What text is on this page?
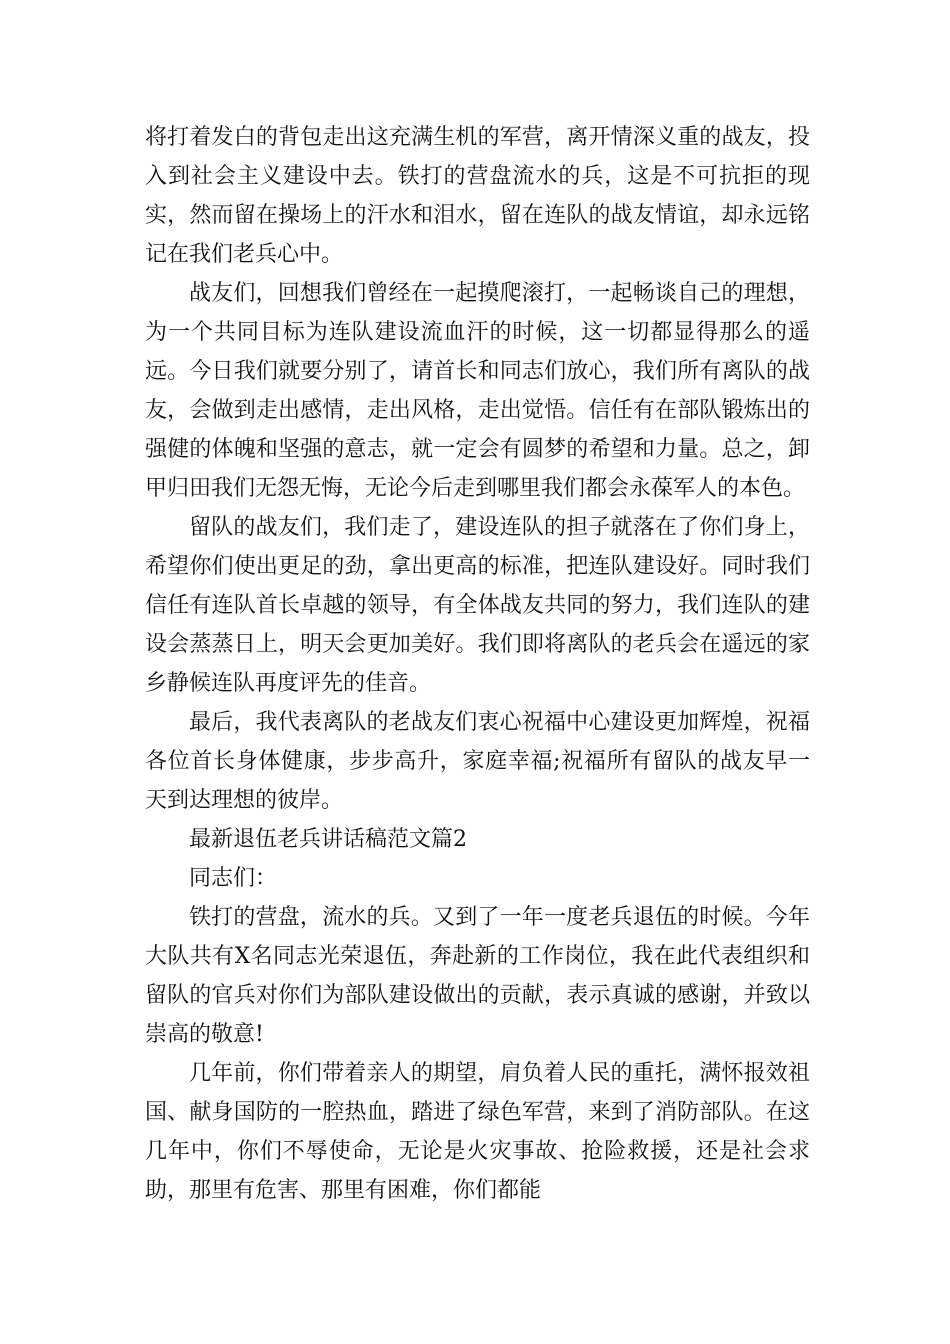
将打着发白的背包走出这充满生机的军营，离开情深义重的战友，投入到社会主义建设中去。铁打的营盘流水的兵，这是不可抗拒的现实，然而留在操场上的汗水和泪水，留在连队的战友情谊，却永远铭记在我们老兵心中。

战友们，回想我们曾经在一起摸爬滚打，一起畅谈自己的理想，为一个共同目标为连队建设流血汗的时候，这一切都显得那么的遥远。今日我们就要分别了，请首长和同志们放心，我们所有离队的战友，会做到走出感情，走出风格，走出觉悟。信任有在部队锻炼出的强健的体魄和坚强的意志，就一定会有圆梦的希望和力量。总之，卸甲归田我们无怨无悔，无论今后走到哪里我们都会永葆军人的本色。

留队的战友们，我们走了，建设连队的担子就落在了你们身上，希望你们使出更足的劲，拿出更高的标准，把连队建设好。同时我们信任有连队首长卓越的领导，有全体战友共同的努力，我们连队的建设会蒸蒸日上，明天会更加美好。我们即将离队的老兵会在遥远的家乡静候连队再度评先的佳音。

最后，我代表离队的老战友们衷心祝福中心建设更加辉煌，祝福各位首长身体健康，步步高升，家庭幸福;祝福所有留队的战友早一天到达理想的彼岸。

最新退伍老兵讲话稿范文篇2

同志们：

铁打的营盘，流水的兵。又到了一年一度老兵退伍的时候。今年大队共有X名同志光荣退伍，奔赴新的工作岗位，我在此代表组织和留队的官兵对你们为部队建设做出的贡献，表示真诚的感谢，并致以崇高的敬意!

几年前，你们带着亲人的期望，肩负着人民的重托，满怀报效祖国、献身国防的一腔热血，踏进了绿色军营，来到了消防部队。在这几年中，你们不辱使命，无论是火灾事故、抢险救援，还是社会求助，那里有危害、那里有困难，你们都能
